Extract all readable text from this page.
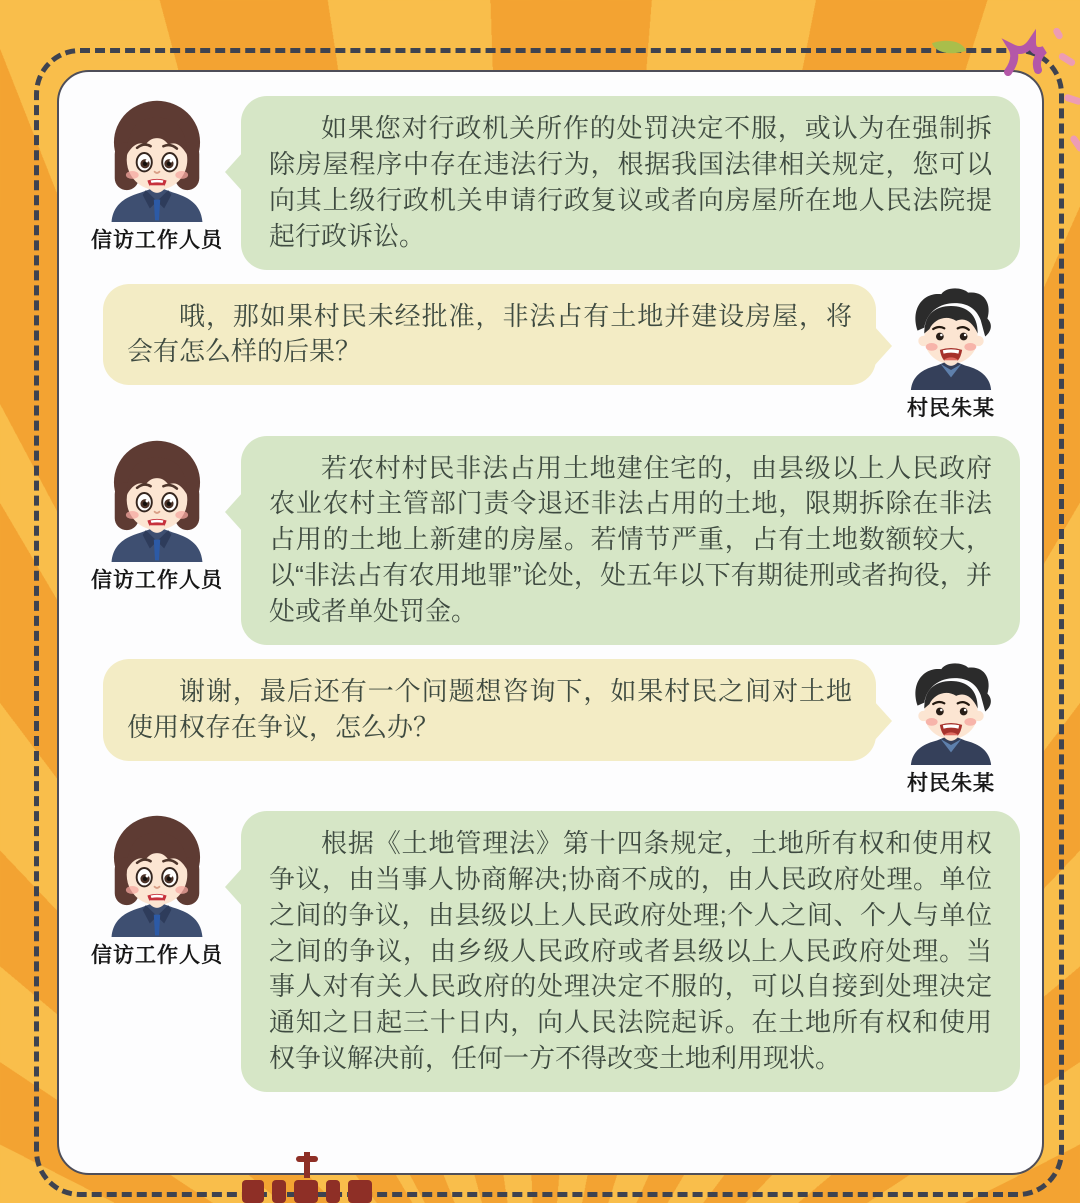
信访工作人员
如果您对行政机关所作的处罚决定不服，或认为在强制拆除房屋程序中存在违法行为，根据我国法律相关规定，您可以向其上级行政机关申请行政复议或者向房屋所在地人民法院提起行政诉讼。
哦，那如果村民未经批准，非法占有土地并建设房屋，将会有怎么样的后果？
村民朱某
信访工作人员
若农村村民非法占用土地建住宅的，由县级以上人民政府农业农村主管部门责令退还非法占用的土地，限期拆除在非法占用的土地上新建的房屋。若情节严重，占有土地数额较大，以“非法占有农用地罪”论处，处五年以下有期徒刑或者拘役，并处或者单处罚金。
谢谢，最后还有一个问题想咨询下，如果村民之间对土地使用权存在争议，怎么办？
村民朱某
信访工作人员
根据《土地管理法》第十四条规定，土地所有权和使用权争议，由当事人协商解决;协商不成的，由人民政府处理。单位之间的争议，由县级以上人民政府处理;个人之间、个人与单位之间的争议，由乡级人民政府或者县级以上人民政府处理。当事人对有关人民政府的处理决定不服的，可以自接到处理决定通知之日起三十日内，向人民法院起诉。在土地所有权和使用权争议解决前，任何一方不得改变土地利用现状。
